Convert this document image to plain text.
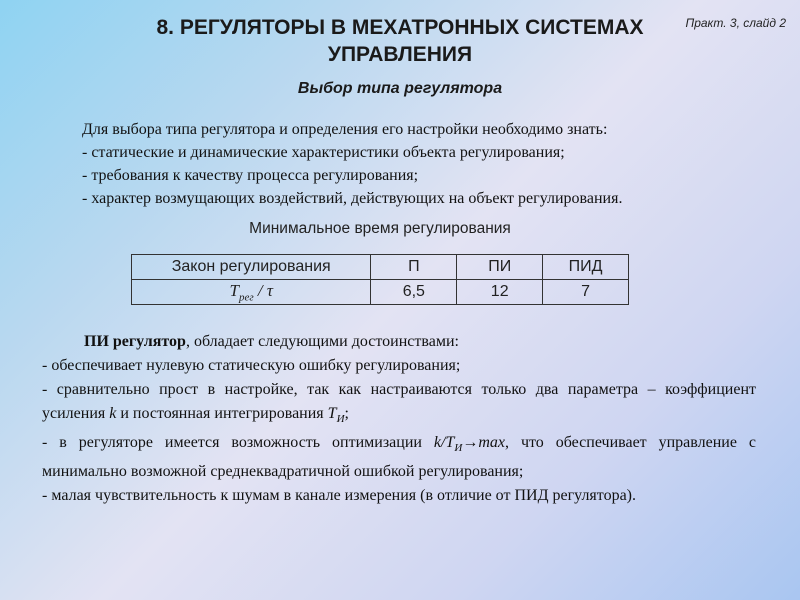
Практ. 3, слайд 2
8. РЕГУЛЯТОРЫ В МЕХАТРОННЫХ СИСТЕМАХ
УПРАВЛЕНИЯ
Выбор типа регулятора
Для выбора типа регулятора и определения его настройки необходимо знать:
- статические и динамические характеристики объекта регулирования;
- требования к качеству процесса регулирования;
- характер возмущающих воздействий, действующих на объект регулирования.
Минимальное время регулирования
Закон регулирования	П	ПИ	ПИД
$T_{рег}$ / τ	6,5	12	7
ПИ регулятор, обладает следующими достоинствами:
- обеспечивает нулевую статическую ошибку регулирования;
- сравнительно прост в настройке, так как настраиваются только два параметра – коэффициент усиления k и постоянная интегрирования $T_И$;
- в регуляторе имеется возможность оптимизации $k/T_И\to\max$, что обеспечивает управление с минимально возможной среднеквадратичной ошибкой регулирования;
- малая чувствительность к шумам в канале измерения (в отличие от ПИД регулятора).
